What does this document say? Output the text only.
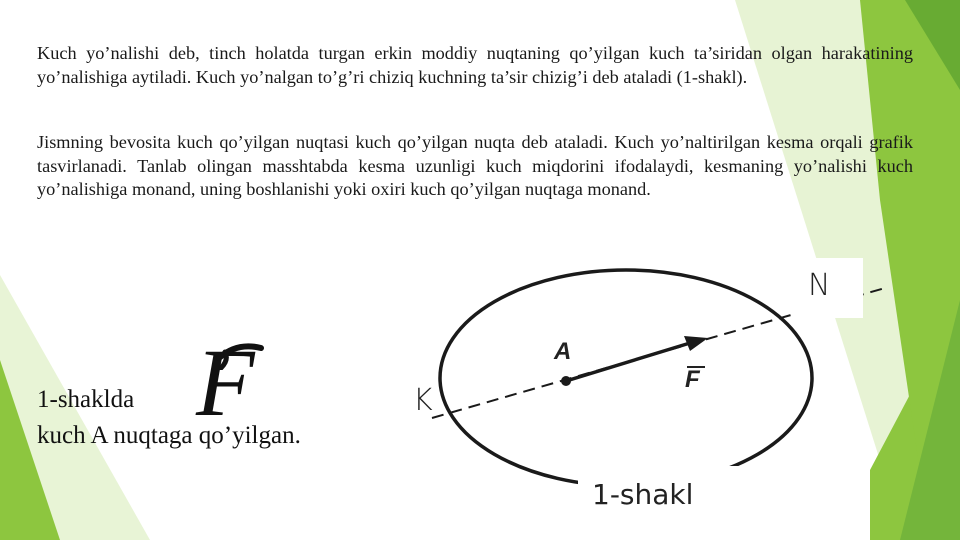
Kuch yo’nalishi deb, tinch holatda turgan erkin moddiy nuqtaning qo’yilgan kuch ta’siridan olgan harakatining yo’nalishiga aytiladi. Kuch yo’nalgan to’g’ri chiziq kuchning ta’sir chizig’i deb ataladi (1-shakl).

Jismning bevosita kuch qo’yilgan nuqtasi kuch qo’yilgan nuqta deb ataladi. Kuch yo’naltirilgan kesma orqali grafik tasvirlanadi. Tanlab olingan masshtabda kesma uzunligi kuch miqdorini ifodalaydi, kesmaning yo’nalishi kuch yo’nalishiga monand, uning boshlanishi yoki oxiri kuch qo’yilgan nuqtaga monand.

1-shaklda
kuch A nuqtaga qo’yilgan.
F
N
K
A
F
1-shakl
